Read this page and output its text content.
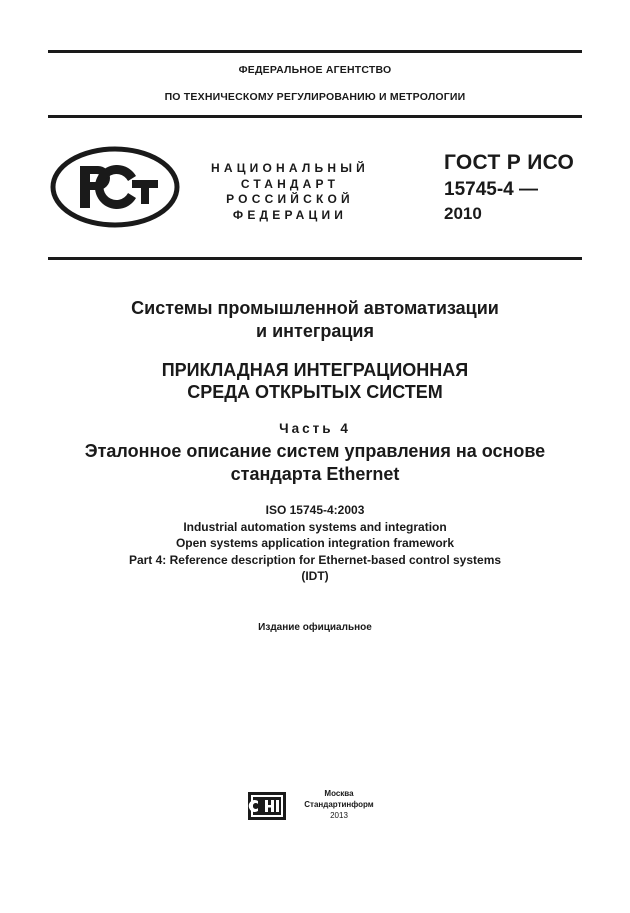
ФЕДЕРАЛЬНОЕ АГЕНТСТВО
ПО ТЕХНИЧЕСКОМУ РЕГУЛИРОВАНИЮ И МЕТРОЛОГИИ
НАЦИОНАЛЬНЫЙ
СТАНДАРТ
РОССИЙСКОЙ
ФЕДЕРАЦИИ
ГОСТ Р ИСО
15745-4 —
2010
Системы промышленной автоматизации
и интеграция
ПРИКЛАДНАЯ ИНТЕГРАЦИОННАЯ
СРЕДА ОТКРЫТЫХ СИСТЕМ
Часть 4
Эталонное описание систем управления на основе
стандарта Ethernet
ISO 15745-4:2003
Industrial automation systems and integration
Open systems application integration framework
Part 4: Reference description for Ethernet-based control systems
(IDT)
Издание официальное
Москва
Стандартинформ
2013
